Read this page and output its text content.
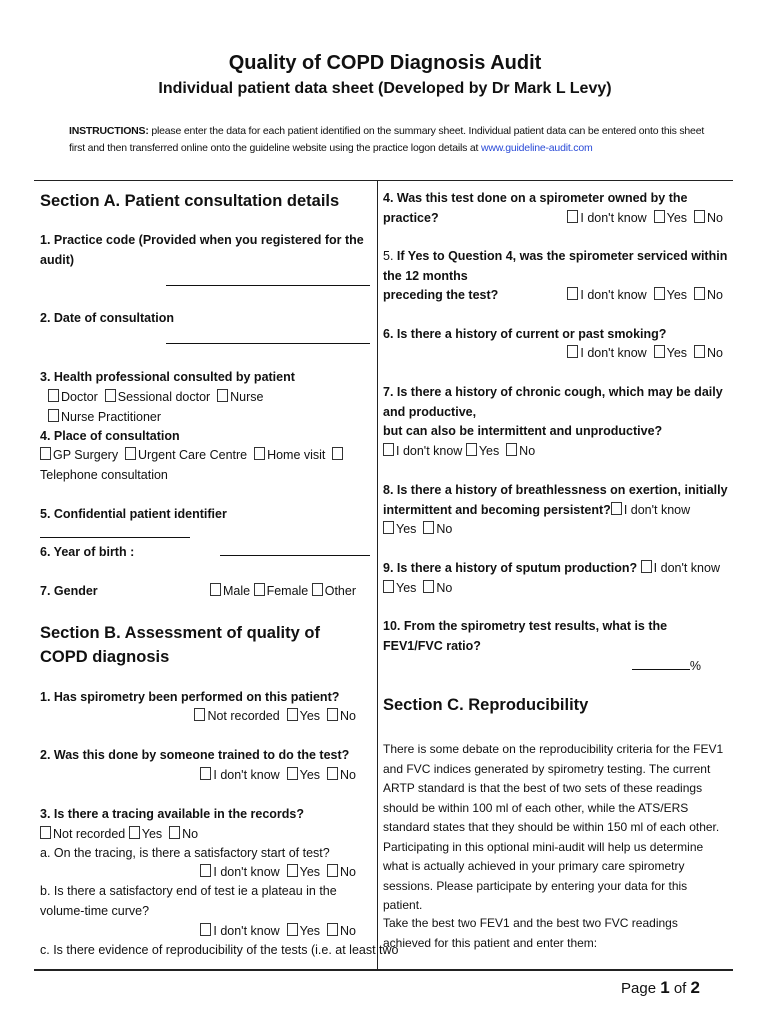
Quality of COPD Diagnosis Audit
Individual patient data sheet (Developed by Dr Mark L Levy)
INSTRUCTIONS: please enter the data for each patient identified on the summary sheet. Individual patient data can be entered onto this sheet first and then transferred online onto the guideline website using the practice logon details at www.guideline-audit.com
Section A. Patient consultation details
1. Practice code (Provided when you registered for the audit)
2. Date of consultation
3. Health professional consulted by patient
Doctor Sessional doctor Nurse  Nurse Practitioner
4. Place of consultation
GP Surgery Urgent Care Centre Home visit  Telephone consultation
5. Confidential patient identifier
6. Year of birth :
7. Gender	Male Female Other
Section B. Assessment of quality of COPD diagnosis
1. Has spirometry been performed on this patient?
Not recorded Yes No
2. Was this done by someone trained to do the test?
I don't know Yes No
3. Is there a tracing available in the records? Not recorded Yes No
a. On the tracing, is there a satisfactory start of test?
I don't know Yes No
b. Is there a satisfactory end of test ie a plateau in the volume-time curve?
I don't know Yes No
c. Is there evidence of reproducibility of the tests (i.e. at least two
4. Was this test done on a spirometer owned by the practice?	I don't know Yes No
5. If Yes to Question 4, was the spirometer serviced within the 12 months
preceding the test?	I don't know Yes No
6. Is there a history of current or past smoking?
I don't know Yes No
7. Is there a history of chronic cough, which may be daily and productive,
but can also be intermittent and unproductive?I don't know Yes No
8. Is there a history of breathlessness on exertion, initially intermittent and becoming persistent? I don't know  Yes No
9. Is there a history of sputum production? I don't know  Yes No
10. From the spirometry test results, what is the FEV1/FVC ratio?
%
Section C. Reproducibility
There is some debate on the reproducibility criteria for the FEV1 and FVC indices generated by spirometry testing. The current ARTP standard is that the best of two sets of these readings should be within 100 ml of each other, while the ATS/ERS standard states that they should be within 150 ml of each other. Participating in this optional mini-audit will help us determine what is actually achieved in your primary care spirometry sessions. Please participate by entering your data for this patient.
Take the best two FEV1 and the best two FVC readings achieved for this patient and enter them:
Page 1 of 2
